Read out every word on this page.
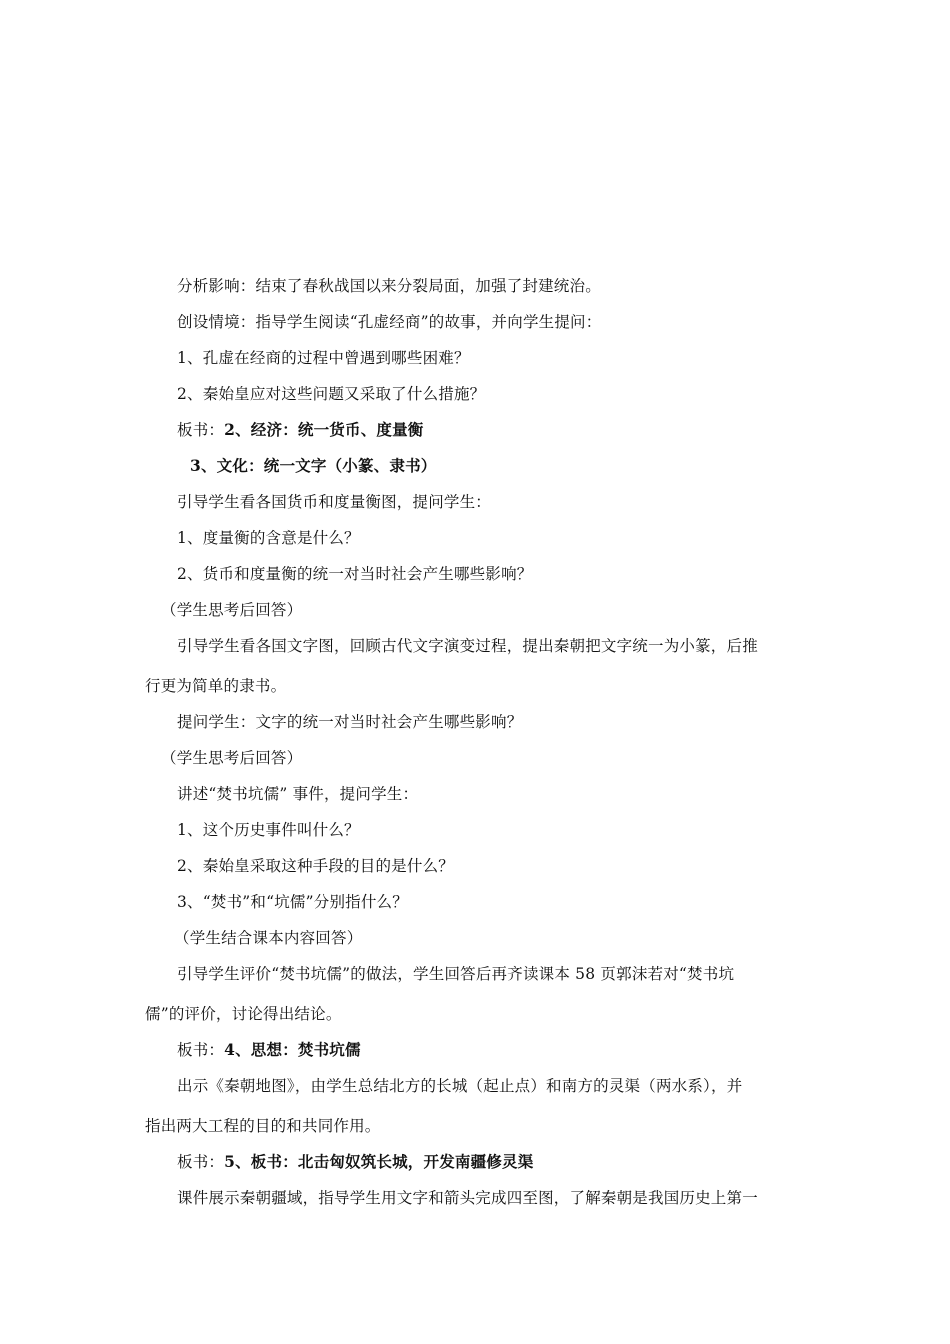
分析影响：结束了春秋战国以来分裂局面，加强了封建统治。
创设情境：指导学生阅读“孔虚经商”的故事，并向学生提问：
1、孔虚在经商的过程中曾遇到哪些困难？
2、秦始皇应对这些问题又采取了什么措施？
板书：2、经济：统一货币、度量衡
3、文化：统一文字（小篆、隶书）
引导学生看各国货币和度量衡图，提问学生：
1、度量衡的含意是什么？
2、货币和度量衡的统一对当时社会产生哪些影响？
（学生思考后回答）
引导学生看各国文字图，回顾古代文字演变过程，提出秦朝把文字统一为小篆，后推
行更为简单的隶书。
提问学生：文字的统一对当时社会产生哪些影响？
（学生思考后回答）
讲述“焚书坑儒” 事件，提问学生：
1、这个历史事件叫什么？
2、秦始皇采取这种手段的目的是什么？
3、“焚书”和“坑儒”分别指什么？
（学生结合课本内容回答）
引导学生评价“焚书坑儒”的做法，学生回答后再齐读课本 58 页郭沫若对“焚书坑
儒”的评价，讨论得出结论。
板书：4、思想：焚书坑儒
出示《秦朝地图》，由学生总结北方的长城（起止点）和南方的灵渠（两水系），并
指出两大工程的目的和共同作用。
板书：5、板书：北击匈奴筑长城，开发南疆修灵渠
课件展示秦朝疆域，指导学生用文字和箭头完成四至图，了解秦朝是我国历史上第一
